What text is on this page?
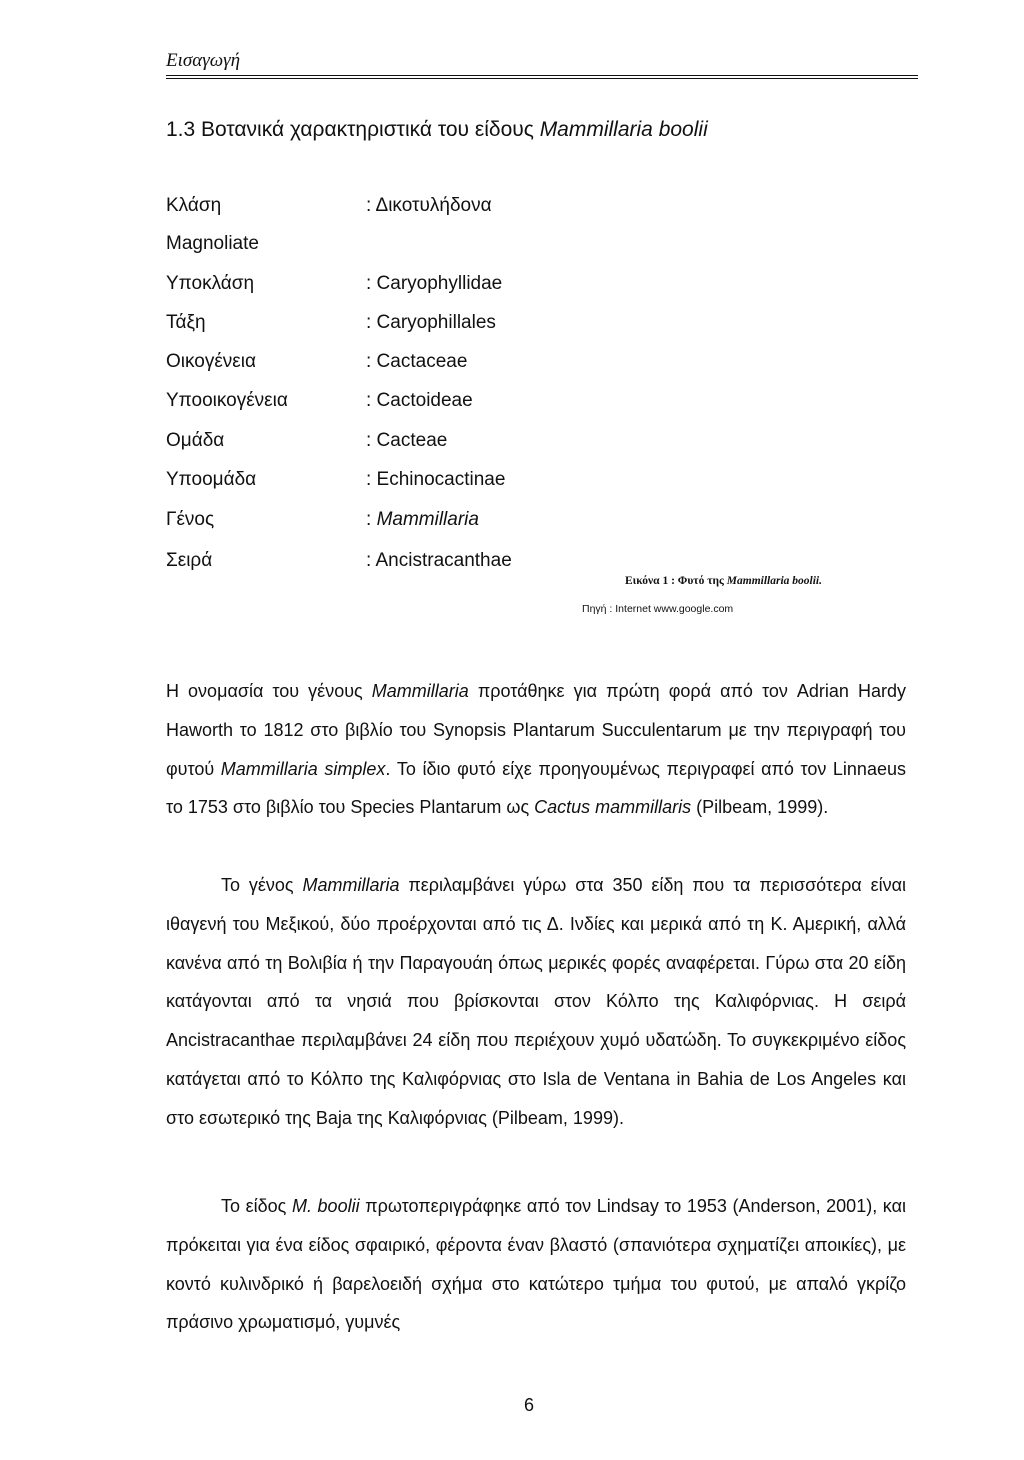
Εισαγωγή
1.3 Βοτανικά χαρακτηριστικά του είδους Mammillaria boolii
Κλάση	: Δικοτυλήδονα
Magnoliate
Υποκλάση	: Caryophyllidae
Τάξη	: Caryophillales
Οικογένεια	: Cactaceae
Υποοικογένεια	: Cactoideae
Ομάδα	: Cacteae
Υποομάδα	: Echinocactinae
Γένος	: Mammillaria
Σειρά	: Ancistracanthae
Εικόνα 1 : Φυτό της Mammillaria boolii.
Πηγή : Internet www.google.com
Η ονομασία του γένους Mammillaria προτάθηκε για πρώτη φορά από τον Adrian Hardy Haworth το 1812 στο βιβλίο του Synopsis Plantarum Succulentarum με την περιγραφή του φυτού Mammillaria simplex. Το ίδιο φυτό είχε προηγουμένως περιγραφεί από τον Linnaeus το 1753 στο βιβλίο του Species Plantarum ως Cactus mammillaris (Pilbeam, 1999).
Το γένος Mammillaria περιλαμβάνει γύρω στα 350 είδη που τα περισσότερα είναι ιθαγενή του Μεξικού, δύο προέρχονται από τις Δ. Ινδίες και μερικά από τη Κ. Αμερική, αλλά κανένα από τη Βολιβία ή την Παραγουάη όπως μερικές φορές αναφέρεται. Γύρω στα 20 είδη κατάγονται από τα νησιά που βρίσκονται στον Κόλπο της Καλιφόρνιας. Η σειρά Ancistracanthae περιλαμβάνει 24 είδη που περιέχουν χυμό υδατώδη. Το συγκεκριμένο είδος κατάγεται από το Κόλπο της Καλιφόρνιας στο Isla de Ventana in Bahia de Los Angeles και στο εσωτερικό της Baja της Καλιφόρνιας (Pilbeam, 1999).
Το είδος M. boolii πρωτοπεριγράφηκε από τον Lindsay το 1953 (Anderson, 2001), και πρόκειται για ένα είδος σφαιρικό, φέροντα έναν βλαστό (σπανιότερα σχηματίζει αποικίες), με κοντό κυλινδρικό ή βαρελοειδή σχήμα στο κατώτερο τμήμα του φυτού, με απαλό γκρίζο πράσινο χρωματισμό, γυμνές
6
